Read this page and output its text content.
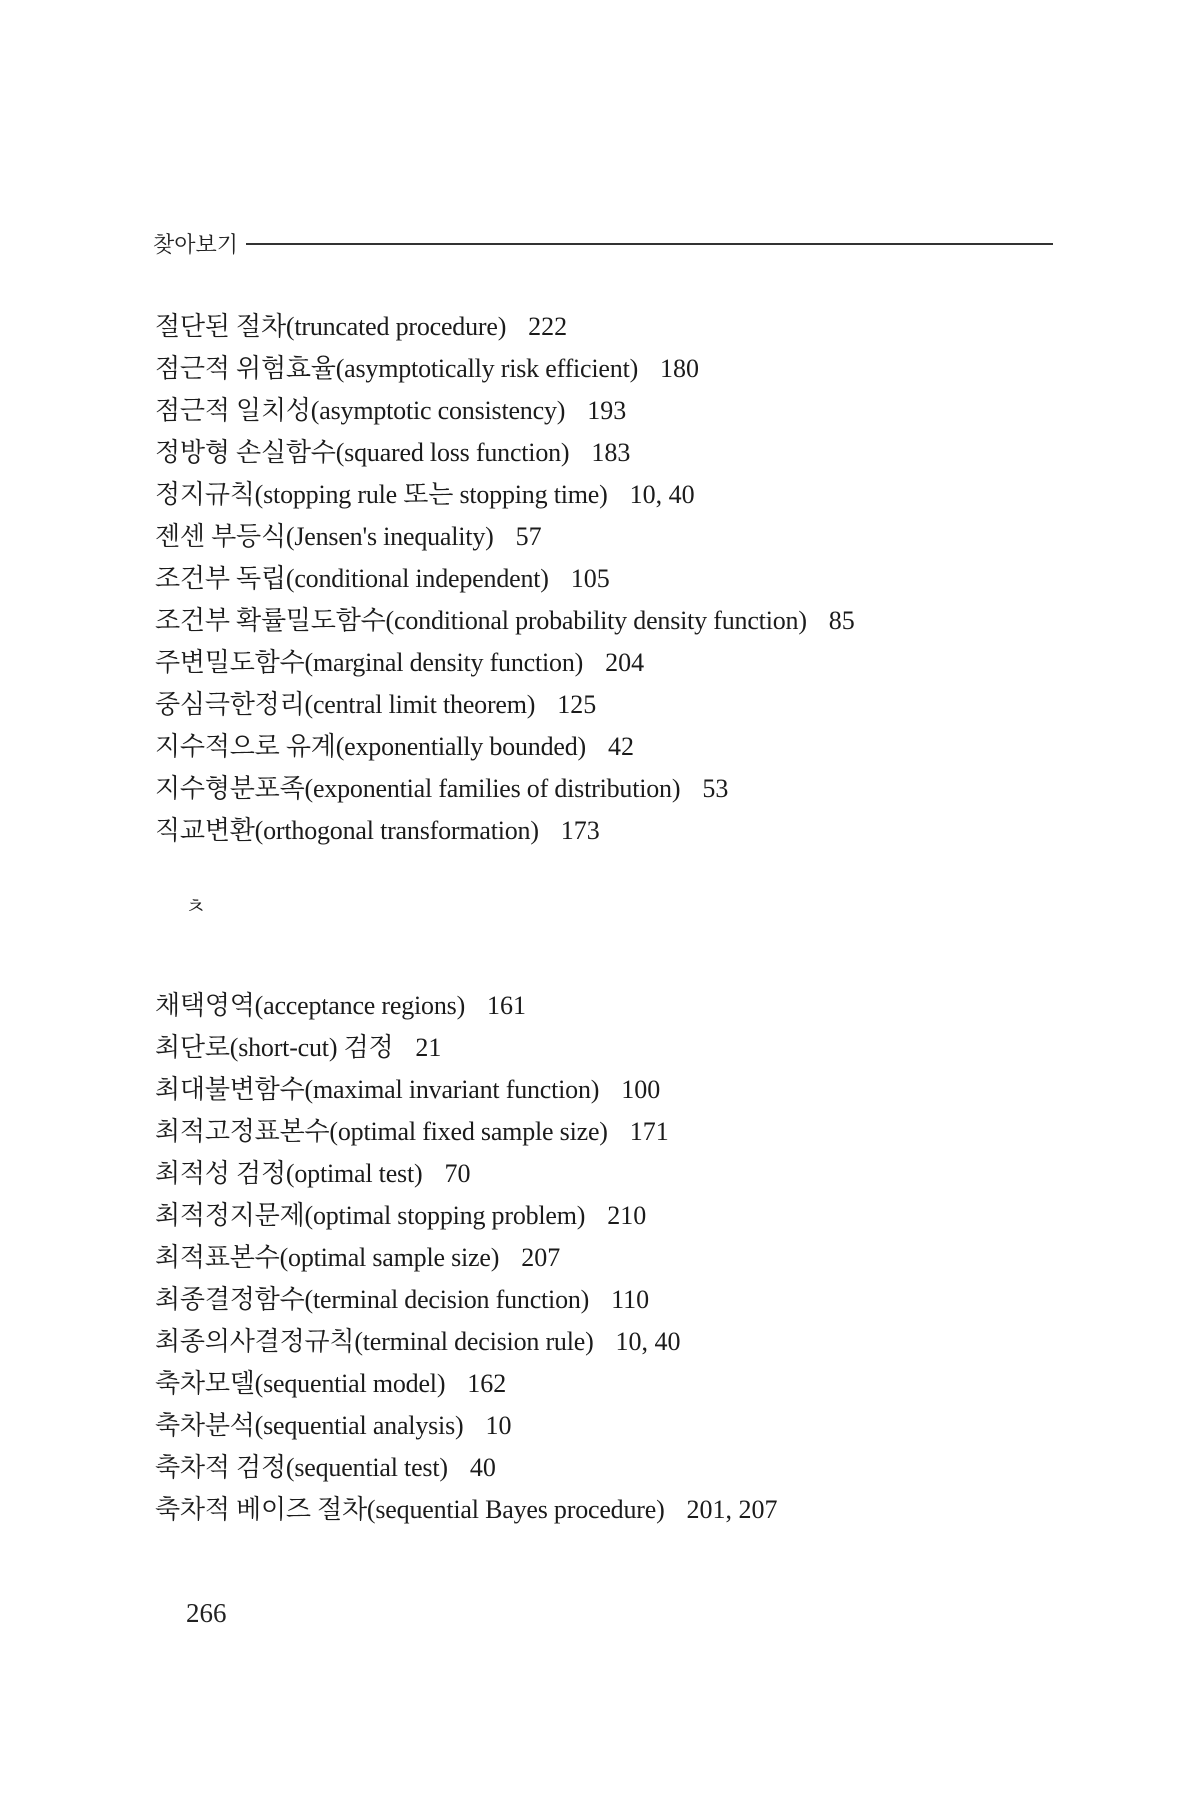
찾아보기
절단된 절차(truncated procedure) 222
점근적 위험효율(asymptotically risk efficient) 180
점근적 일치성(asymptotic consistency) 193
정방형 손실함수(squared loss function) 183
정지규칙(stopping rule 또는 stopping time) 10, 40
젠센 부등식(Jensen's inequality) 57
조건부 독립(conditional independent) 105
조건부 확률밀도함수(conditional probability density function) 85
주변밀도함수(marginal density function) 204
중심극한정리(central limit theorem) 125
지수적으로 유계(exponentially bounded) 42
지수형분포족(exponential families of distribution) 53
직교변환(orthogonal transformation) 173
ㅊ
채택영역(acceptance regions) 161
최단로(short-cut) 검정 21
최대불변함수(maximal invariant function) 100
최적고정표본수(optimal fixed sample size) 171
최적성 검정(optimal test) 70
최적정지문제(optimal stopping problem) 210
최적표본수(optimal sample size) 207
최종결정함수(terminal decision function) 110
최종의사결정규칙(terminal decision rule) 10, 40
축차모델(sequential model) 162
축차분석(sequential analysis) 10
축차적 검정(sequential test) 40
축차적 베이즈 절차(sequential Bayes procedure) 201, 207
266
